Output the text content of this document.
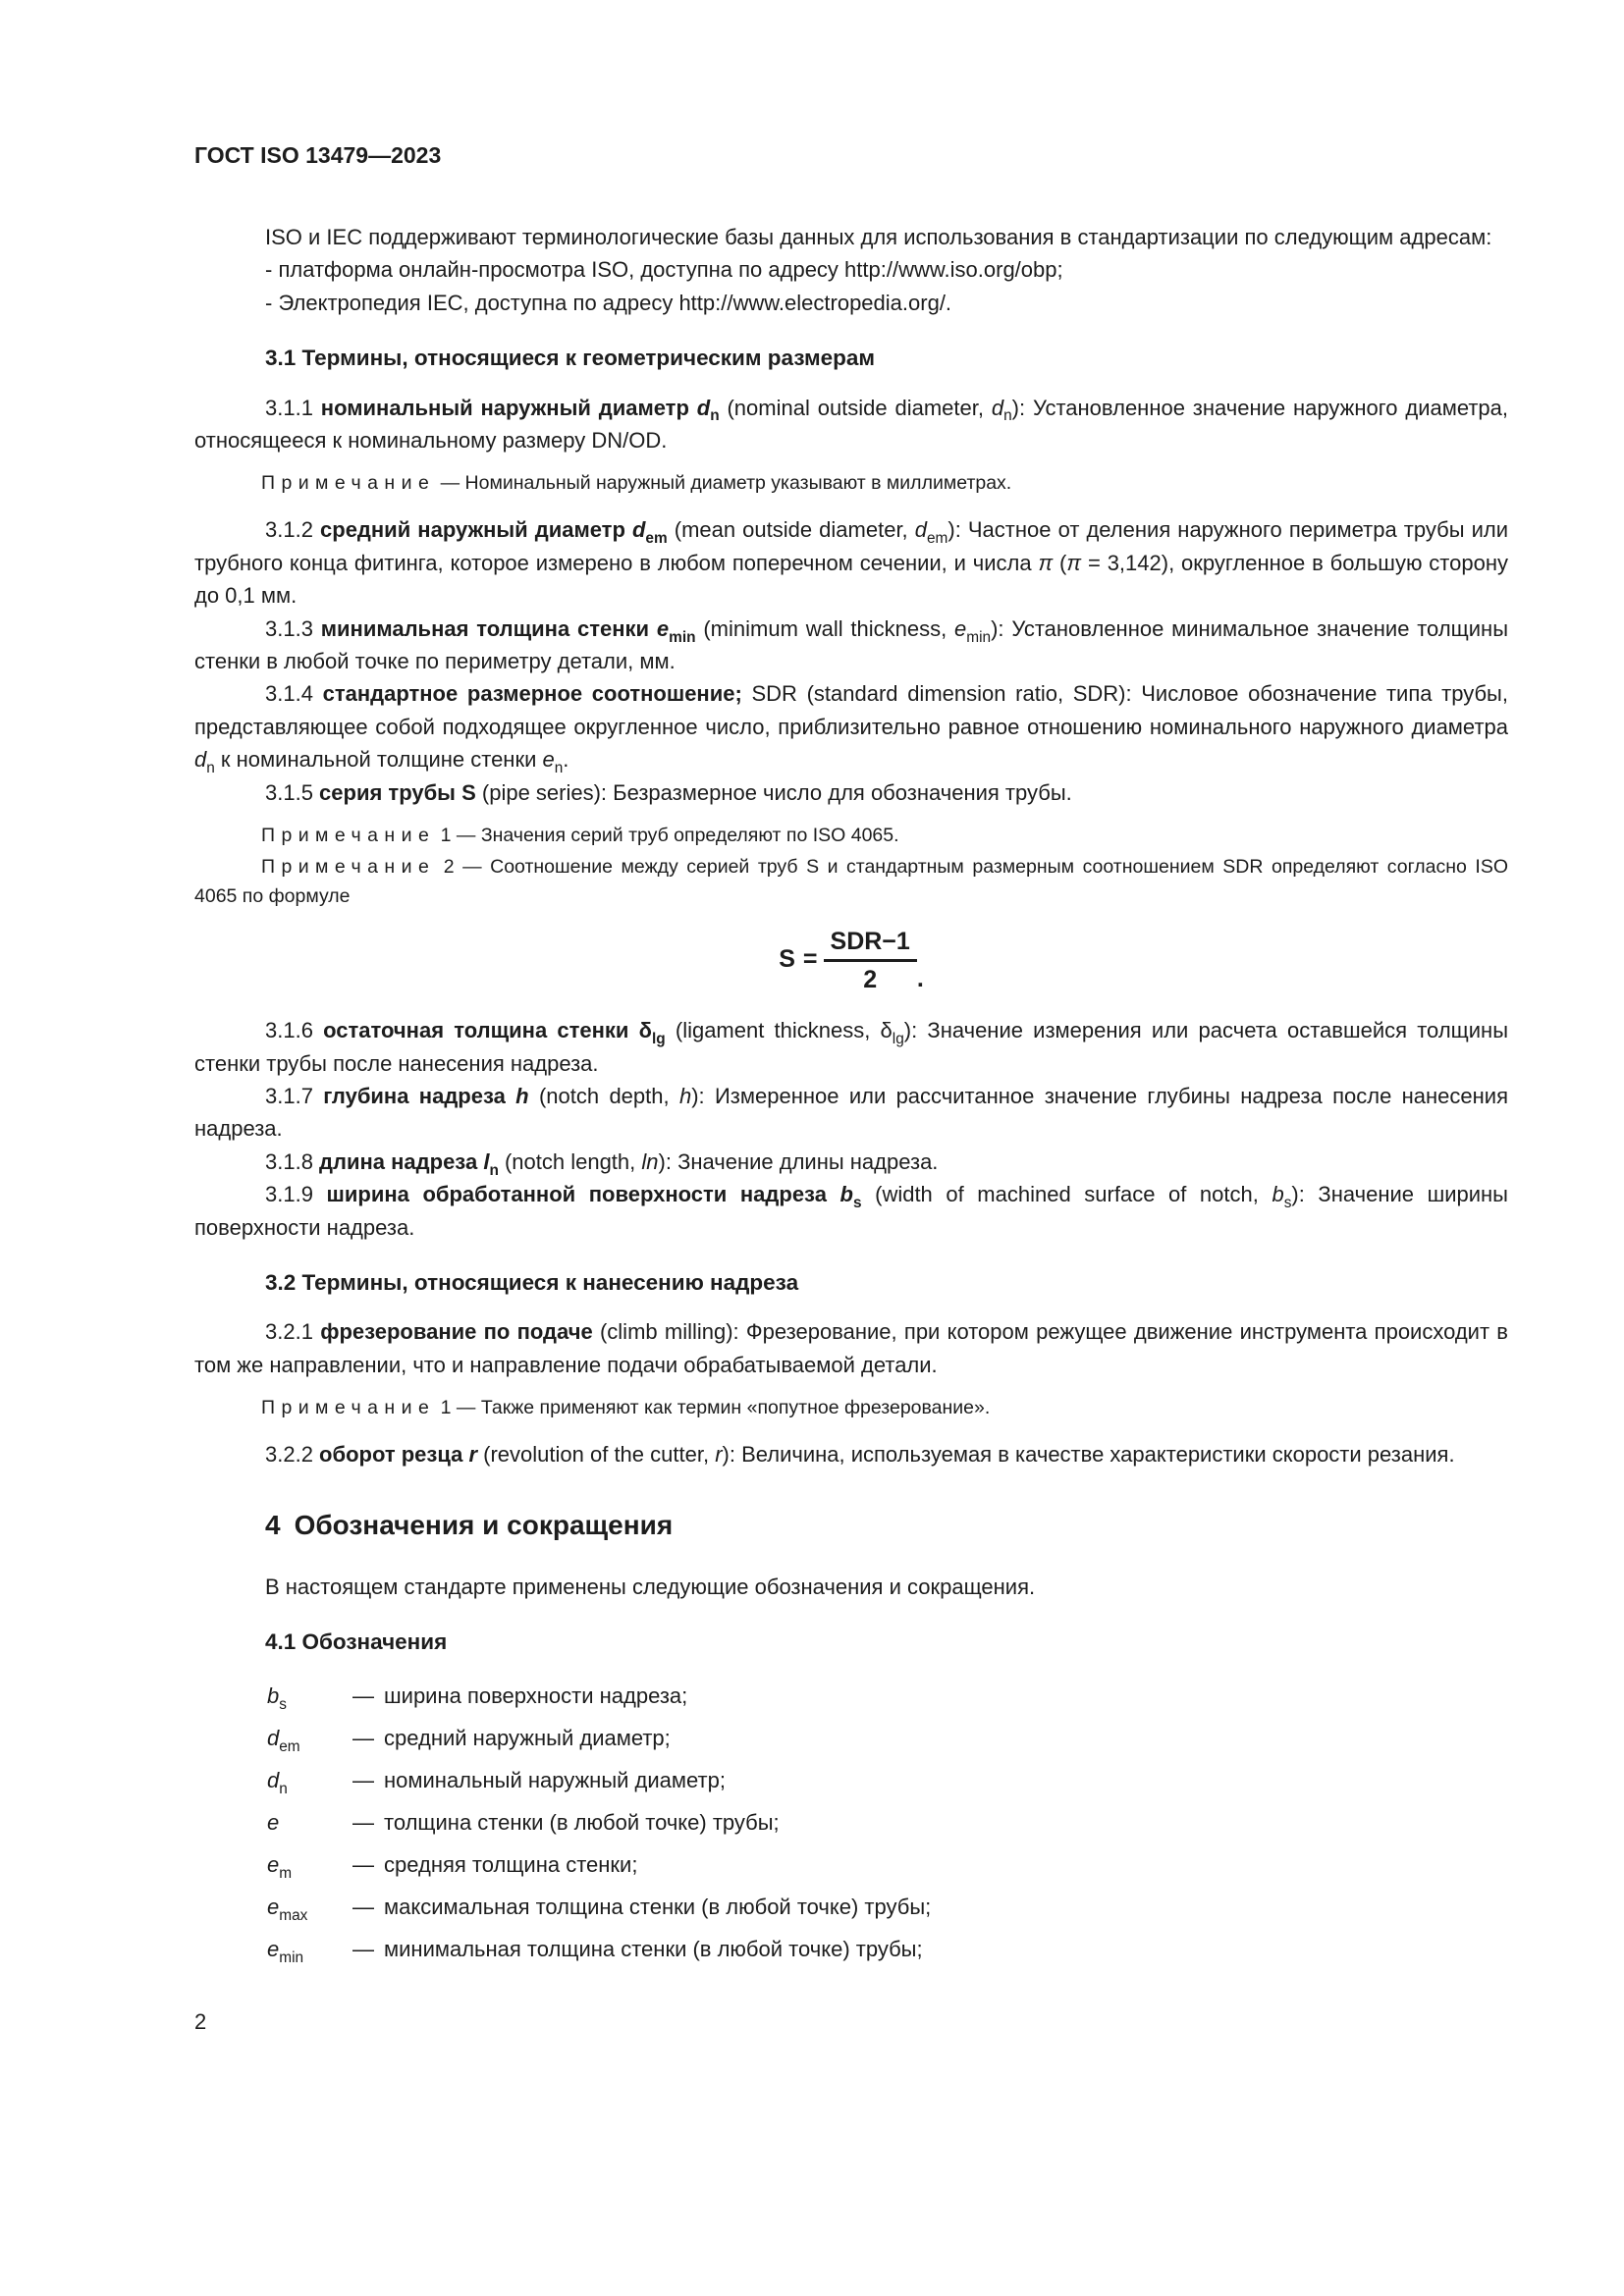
ГОСТ ISO 13479—2023
ISO и IEC поддерживают терминологические базы данных для использования в стандартизации по следующим адресам:
- платформа онлайн-просмотра ISO, доступна по адресу http://www.iso.org/obp;
- Электропедия IEC, доступна по адресу http://www.electropedia.org/.
3.1 Термины, относящиеся к геометрическим размерам
3.1.1 номинальный наружный диаметр $d_n$ (nominal outside diameter, $d_n$): Установленное значение наружного диаметра, относящееся к номинальному размеру DN/OD.
Примечание — Номинальный наружный диаметр указывают в миллиметрах.
3.1.2 средний наружный диаметр $d_{em}$ (mean outside diameter, $d_{em}$): Частное от деления наружного периметра трубы или трубного конца фитинга, которое измерено в любом поперечном сечении, и числа π (π = 3,142), округленное в большую сторону до 0,1 мм.
3.1.3 минимальная толщина стенки $e_{min}$ (minimum wall thickness, $e_{min}$): Установленное минимальное значение толщины стенки в любой точке по периметру детали, мм.
3.1.4 стандартное размерное соотношение; SDR (standard dimension ratio, SDR): Числовое обозначение типа трубы, представляющее собой подходящее округленное число, приблизительно равное отношению номинального наружного диаметра $d_n$ к номинальной толщине стенки $e_n$.
3.1.5 серия трубы S (pipe series): Безразмерное число для обозначения трубы.
Примечание 1 — Значения серий труб определяют по ISO 4065.
Примечание 2 — Соотношение между серией труб S и стандартным размерным соотношением SDR определяют согласно ISO 4065 по формуле
$S = \frac{\text{SDR−1}}{2}$ .
3.1.6 остаточная толщина стенки $\delta_{lg}$ (ligament thickness, $\delta_{lg}$): Значение измерения или расчета оставшейся толщины стенки трубы после нанесения надреза.
3.1.7 глубина надреза h (notch depth, h): Измеренное или рассчитанное значение глубины надреза после нанесения надреза.
3.1.8 длина надреза $l_n$ (notch length, ln): Значение длины надреза.
3.1.9 ширина обработанной поверхности надреза $b_s$ (width of machined surface of notch, $b_s$): Значение ширины поверхности надреза.
3.2 Термины, относящиеся к нанесению надреза
3.2.1 фрезерование по подаче (climb milling): Фрезерование, при котором режущее движение инструмента происходит в том же направлении, что и направление подачи обрабатываемой детали.
Примечание 1 — Также применяют как термин «попутное фрезерование».
3.2.2 оборот резца r (revolution of the cutter, r): Величина, используемая в качестве характеристики скорости резания.
4 Обозначения и сокращения
В настоящем стандарте применены следующие обозначения и сокращения.
4.1 Обозначения
$b_s$	— ширина поверхности надреза;
$d_{em}$	— средний наружный диаметр;
$d_n$	— номинальный наружный диаметр;
e	— толщина стенки (в любой точке) трубы;
$e_m$	— средняя толщина стенки;
$e_{max}$	— максимальная толщина стенки (в любой точке) трубы;
$e_{min}$	— минимальная толщина стенки (в любой точке) трубы;
2
